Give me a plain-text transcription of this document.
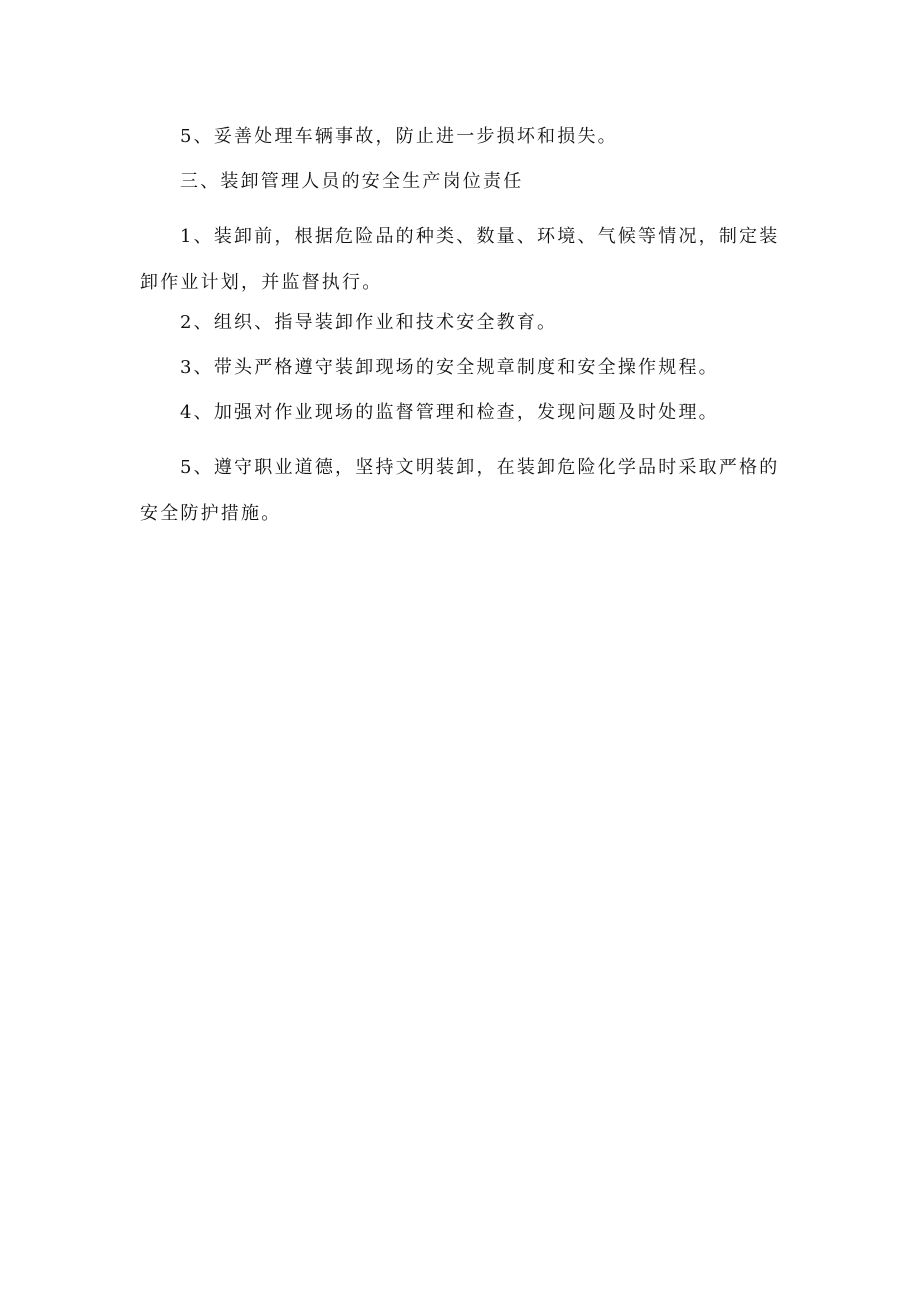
5、妥善处理车辆事故，防止进一步损坏和损失。

三、装卸管理人员的安全生产岗位责任

1、装卸前，根据危险品的种类、数量、环境、气候等情况，制定装
卸作业计划，并监督执行。

2、组织、指导装卸作业和技术安全教育。

3、带头严格遵守装卸现场的安全规章制度和安全操作规程。

4、加强对作业现场的监督管理和检查，发现问题及时处理。

5、遵守职业道德，坚持文明装卸，在装卸危险化学品时采取严格的
安全防护措施。
